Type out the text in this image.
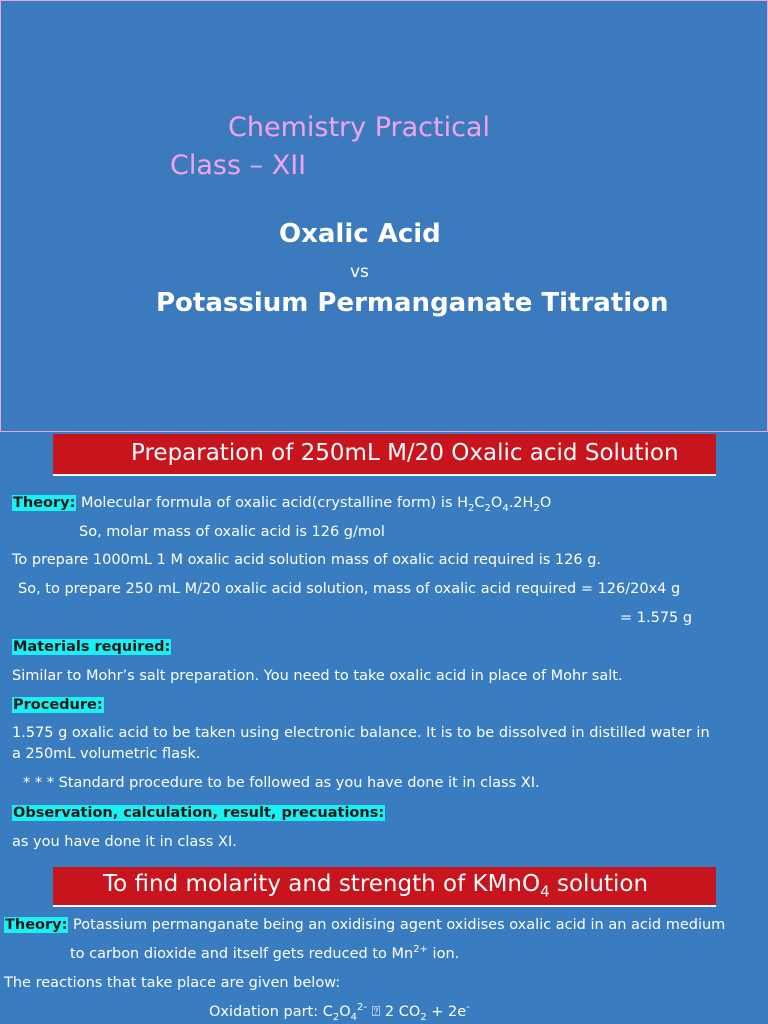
Chemistry Practical
Class – XII
Oxalic Acid
vs
Potassium Permanganate Titration
Preparation of 250mL M/20 Oxalic acid Solution
Theory: Molecular formula of oxalic acid(crystalline form) is $H_2C_2O_4.2H_2O$
So, molar mass of oxalic acid is 126 g/mol
To prepare 1000mL 1 M oxalic acid solution mass of oxalic acid required is 126 g.
So, to prepare 250 mL M/20 oxalic acid solution, mass of oxalic acid required = 126/20x4 g
= 1.575 g
Materials required:
Similar to Mohr’s salt preparation. You need to take oxalic acid in place of Mohr salt.
Procedure:
1.575 g oxalic acid to be taken using electronic balance. It is to be dissolved in distilled water in
a 250mL volumetric flask.
* * * Standard procedure to be followed as you have done it in class XI.
Observation, calculation, result, precuations:
as you have done it in class XI.
To find molarity and strength of KMnO$_4$ solution
Theory: Potassium permanganate being an oxidising agent oxidises oxalic acid in an acid medium
to carbon dioxide and itself gets reduced to $Mn^{2+}$ ion.
The reactions that take place are given below:
Oxidation part: $C_2O_4^{2-}$ ⍰ 2 $CO_2 + 2e^-$
